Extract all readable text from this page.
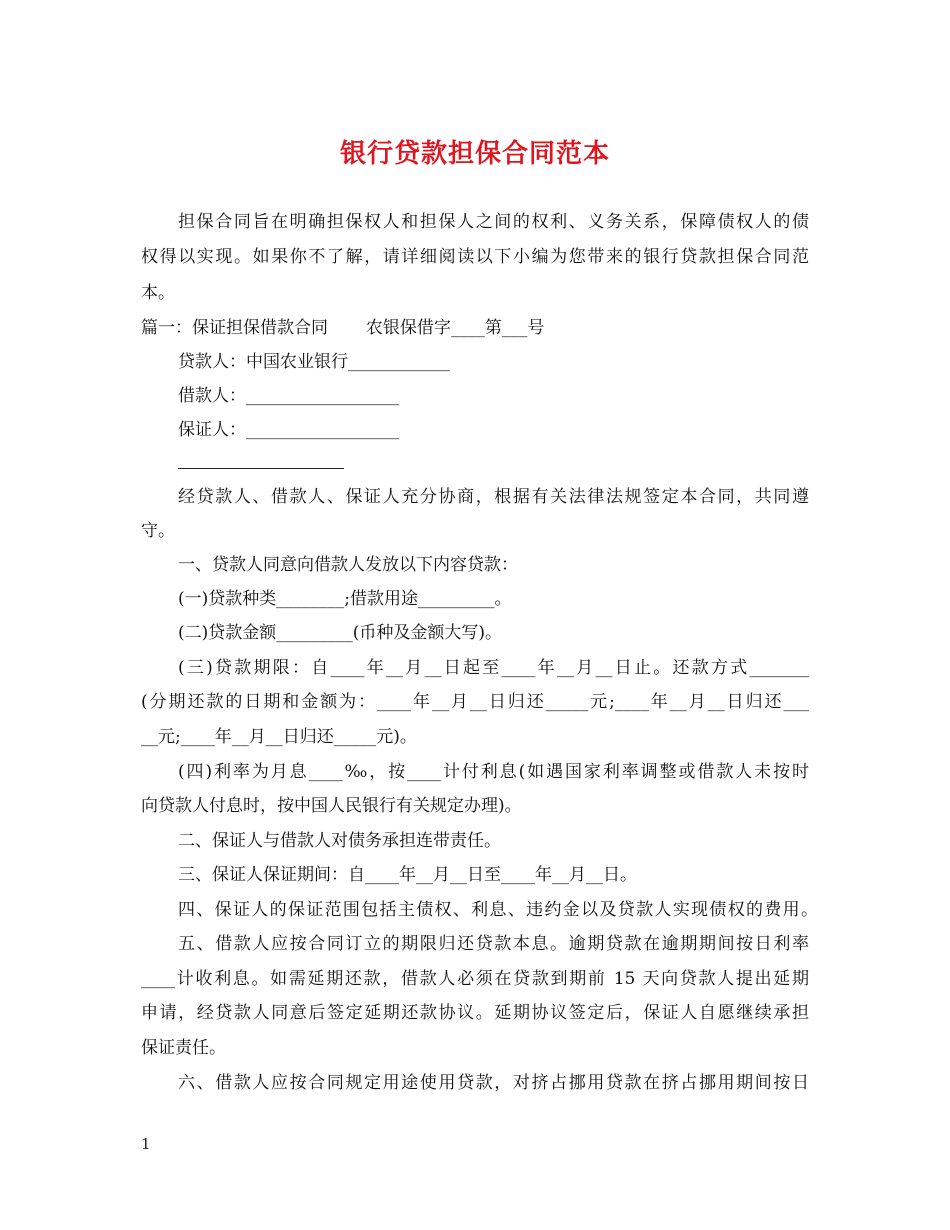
银行贷款担保合同范本
担保合同旨在明确担保权人和担保人之间的权利、义务关系，保障债权人的债
权得以实现。如果你不了解，请详细阅读以下小编为您带来的银行贷款担保合同范
本。
篇一：保证担保借款合同       农银保借字____第___号
贷款人：中国农业银行____________
借款人：__________________
保证人：__________________
经贷款人、借款人、保证人充分协商，根据有关法律法规签定本合同，共同遵
守。
一、贷款人同意向借款人发放以下内容贷款：
(一)贷款种类________;借款用途_________。
(二)贷款金额_________(币种及金额大写)。
(三)贷款期限：自____年__月__日起至____年__月__日止。还款方式_______
(分期还款的日期和金额为：____年__月__日归还_____元;____年__月__日归还___
__元;____年__月__日归还_____元)。
(四)利率为月息____‰，按____计付利息(如遇国家利率调整或借款人未按时
向贷款人付息时，按中国人民银行有关规定办理)。
二、保证人与借款人对债务承担连带责任。
三、保证人保证期间：自____年__月__日至____年__月__日。
四、保证人的保证范围包括主债权、利息、违约金以及贷款人实现债权的费用。
五、借款人应按合同订立的期限归还贷款本息。逾期贷款在逾期期间按日利率
____计收利息。如需延期还款，借款人必须在贷款到期前 15 天向贷款人提出延期
申请，经贷款人同意后签定延期还款协议。延期协议签定后，保证人自愿继续承担
保证责任。
六、借款人应按合同规定用途使用贷款，对挤占挪用贷款在挤占挪用期间按日
1
